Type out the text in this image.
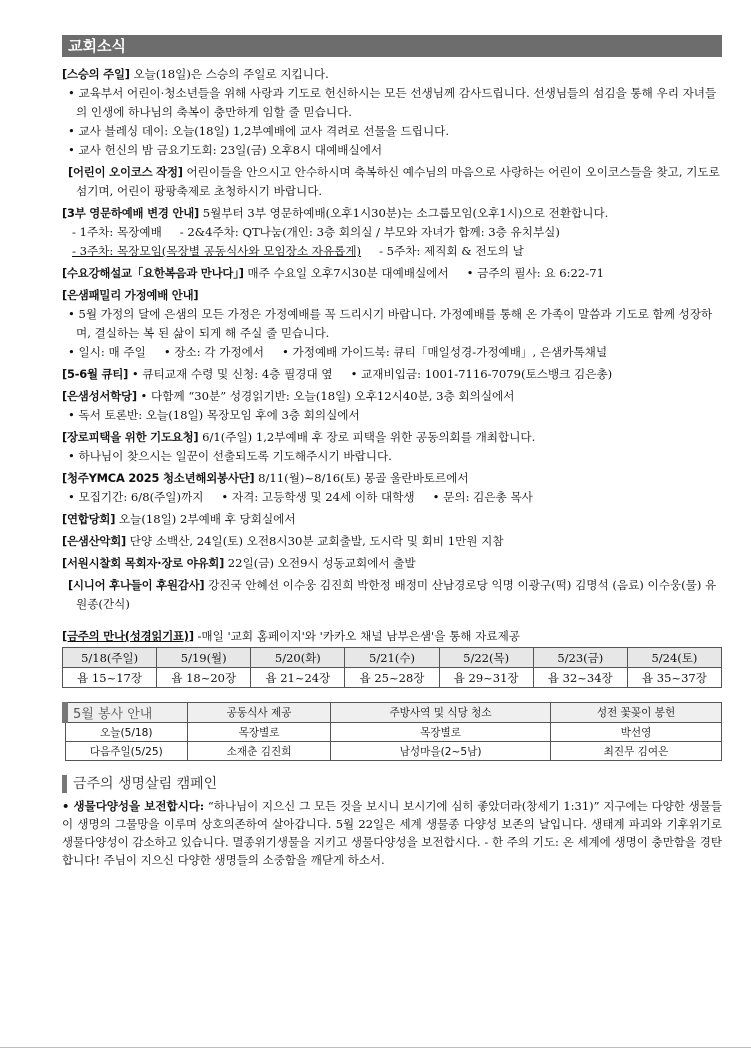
교회소식
[스승의 주일] 오늘(18일)은 스승의 주일로 지킵니다.
• 교육부서 어린이·청소년들을 위해 사랑과 기도로 헌신하시는 모든 선생님께 감사드립니다. 선생님들의 섬김을 통해 우리 자녀들의 인생에 하나님의 축복이 충만하게 임할 줄 믿습니다.
• 교사 블레싱 데이: 오늘(18일) 1,2부예배에 교사 격려로 선물을 드립니다.
• 교사 헌신의 밤 금요기도회: 23일(금) 오후8시 대예배실에서
[어린이 오이코스 작정] 어린이들을 안으시고 안수하시며 축복하신 예수님의 마음으로 사랑하는 어린이 오이코스들을 찾고, 기도로 섬기며, 어린이 팡팡축제로 초청하시기 바랍니다.
[3부 영문하예배 변경 안내] 5월부터 3부 영문하예배(오후1시30분)는 소그룹모임(오후1시)으로 전환합니다.
- 1주차: 목장예배 - 2&4주차: QT나눔(개인: 3층 회의실 / 부모와 자녀가 함께: 3층 유치부실)
- 3주차: 목장모임(목장별 공동식사와 모임장소 자유롭게) - 5주차: 제직회 & 전도의 날
[수요강해설교「요한복음과 만나다」] 매주 수요일 오후7시30분 대예배실에서 • 금주의 필사: 요 6:22-71
[은샘패밀리 가정예배 안내]
• 5월 가정의 달에 은샘의 모든 가정은 가정예배를 꼭 드리시기 바랍니다. 가정예배를 통해 온 가족이 말씀과 기도로 함께 성장하며, 결실하는 복 된 삶이 되게 해 주실 줄 믿습니다.
• 일시: 매 주일 • 장소: 각 가정에서 • 가정예배 가이드북: 큐티「매일성경-가정예배」, 은샘카톡채널
[5-6월 큐티] • 큐티교재 수령 및 신청: 4층 필경대 옆 • 교재비입금: 1001-7116-7079(토스뱅크 김은총)
[은샘성서학당] • 다함께 “30분” 성경읽기반: 오늘(18일) 오후12시40분, 3층 회의실에서
• 독서 토론반: 오늘(18일) 목장모임 후에 3층 회의실에서
[장로피택을 위한 기도요청] 6/1(주일) 1,2부예배 후 장로 피택을 위한 공동의회를 개최합니다.
• 하나님이 찾으시는 일꾼이 선출되도록 기도해주시기 바랍니다.
[청주YMCA 2025 청소년해외봉사단] 8/11(월)~8/16(토) 몽골 울란바토르에서
• 모집기간: 6/8(주일)까지 • 자격: 고등학생 및 24세 이하 대학생 • 문의: 김은총 목사
[연합당회] 오늘(18일) 2부예배 후 당회실에서
[은샘산악회] 단양 소백산, 24일(토) 오전8시30분 교회출발, 도시락 및 회비 1만원 지참
[서원시찰회 목회자·장로 야유회] 22일(금) 오전9시 성동교회에서 출발
[시니어 후나들이 후원감사] 강진국 안혜선 이수웅 김진희 박한정 배정미 산남경로당 익명 이광구(떡) 김명석 (음료) 이수웅(물) 유원종(간식)
[금주의 만나(성경읽기표)] -매일 '교회 홈페이지'와 '카카오 채널 남부은샘'을 통해 자료제공
5/18(주일)	5/19(월)	5/20(화)	5/21(수)	5/22(목)	5/23(금)	5/24(토)
욥 15~17장	욥 18~20장	욥 21~24장	욥 25~28장	욥 29~31장	욥 32~34장	욥 35~37장
5월 봉사 안내	공동식사 제공	주방사역 및 식당 청소	성전 꽃꽂이 봉헌
오늘(5/18)	목장별로	목장별로	박선영
다음주일(5/25)	소재춘 김진희	남성마을(2~5남)	최진무 김여은
금주의 생명살림 캠페인
• 생물다양성을 보전합시다: “하나님이 지으신 그 모든 것을 보시니 보시기에 심히 좋았더라(창세기 1:31)” 지구에는 다양한 생물들이 생명의 그물망을 이루며 상호의존하여 살아갑니다. 5월 22일은 세계 생물종 다양성 보존의 날입니다. 생태계 파괴와 기후위기로 생물다양성이 감소하고 있습니다. 멸종위기생물을 지키고 생물다양성을 보전합시다. - 한 주의 기도: 온 세계에 생명이 충만함을 경탄합니다! 주님이 지으신 다양한 생명들의 소중함을 깨닫게 하소서.
